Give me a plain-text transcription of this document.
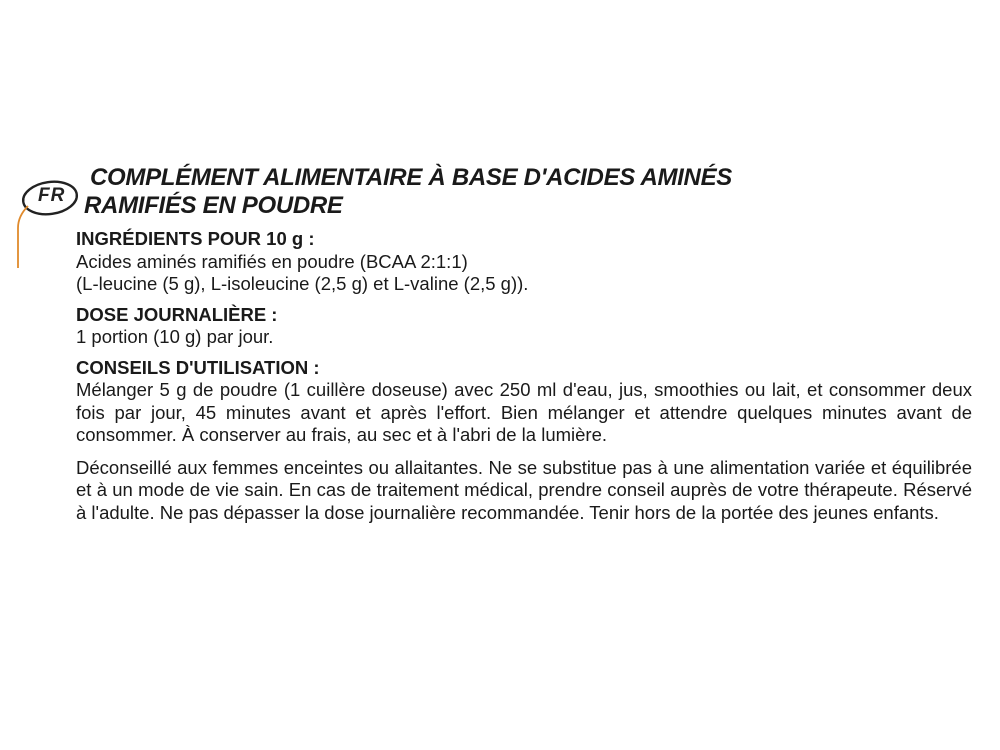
FR
COMPLÉMENT ALIMENTAIRE À BASE D'ACIDES AMINÉS
RAMIFIÉS EN POUDRE
INGRÉDIENTS POUR 10 g :
Acides aminés ramifiés en poudre (BCAA 2:1:1)
(L-leucine (5 g), L-isoleucine (2,5 g) et L-valine (2,5 g)).
DOSE JOURNALIÈRE :
1 portion (10 g) par jour.
CONSEILS D'UTILISATION :
Mélanger 5 g de poudre (1 cuillère doseuse) avec 250 ml d'eau, jus, smoothies ou lait, et consommer deux fois par jour, 45 minutes avant et après l'effort. Bien mélanger et attendre quelques minutes avant de consommer. À conserver au frais, au sec et à l'abri de la lumière.
Déconseillé aux femmes enceintes ou allaitantes. Ne se substitue pas à une alimentation variée et équilibrée et à un mode de vie sain. En cas de traitement médical, prendre conseil auprès de votre thérapeute. Réservé à l'adulte. Ne pas dépasser la dose journalière recommandée. Tenir hors de la portée des jeunes enfants.
